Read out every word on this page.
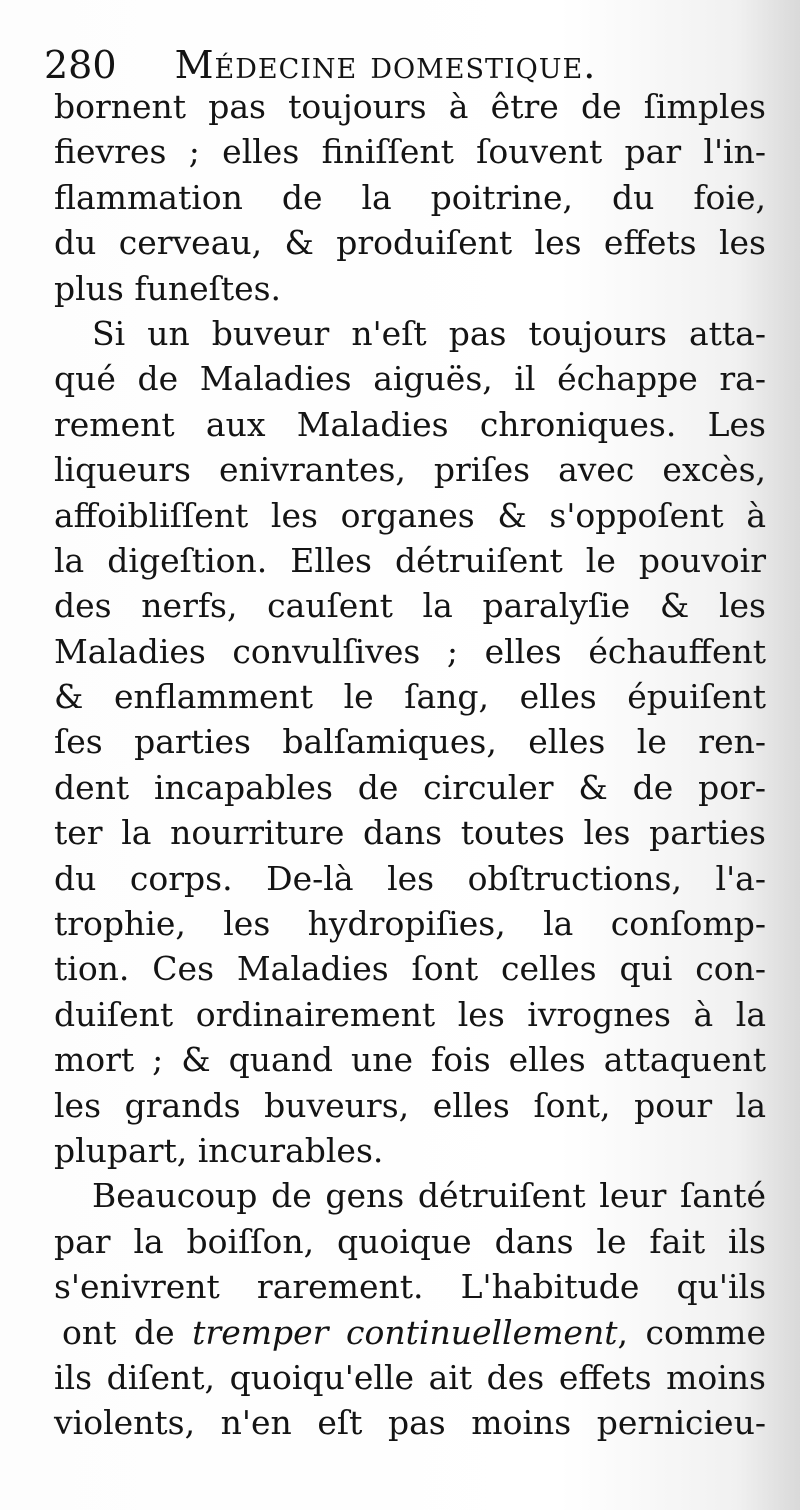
280 Médecine domestique.
bornent pas toujours à être de ſimples
fievres ; elles finiſſent ſouvent par l'in-
flammation de la poitrine, du foie,
du cerveau, & produiſent les effets les
plus funeſtes.
Si un buveur n'eſt pas toujours atta-
qué de Maladies aiguës, il échappe ra-
rement aux Maladies chroniques. Les
liqueurs enivrantes, priſes avec excès,
affoibliſſent les organes & s'oppoſent à
la digeſtion. Elles détruiſent le pouvoir
des nerfs, cauſent la paralyſie & les
Maladies convulſives ; elles échauffent
& enflamment le ſang, elles épuiſent
ſes parties balſamiques, elles le ren-
dent incapables de circuler & de por-
ter la nourriture dans toutes les parties
du corps. De-là les obſtructions, l'a-
trophie, les hydropiſies, la conſomp-
tion. Ces Maladies ſont celles qui con-
duiſent ordinairement les ivrognes à la
mort ; & quand une fois elles attaquent
les grands buveurs, elles ſont, pour la
plupart, incurables.
Beaucoup de gens détruiſent leur ſanté
par la boiſſon, quoique dans le fait ils
s'enivrent rarement. L'habitude qu'ils
ont de tremper continuellement, comme
ils diſent, quoiqu'elle ait des effets moins
violents, n'en eſt pas moins pernicieu-
